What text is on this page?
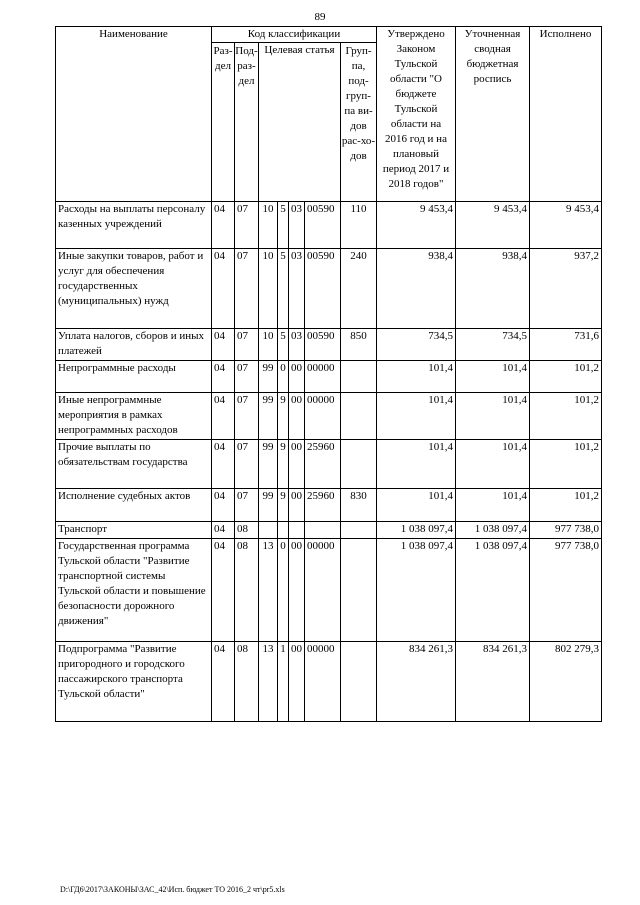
89
Наименование	Код классификации							Утверждено Законом Тульской области "О бюджете Тульской области на 2016 год и на плановый период 2017 и 2018 годов"	Уточненная сводная бюджетная роспись	Исполнено
	Раз-дел	Под-раз-дел	Целевая статья				Груп-па, под-груп-па ви-дов рас-хо-дов			
Расходы на выплаты персоналу казенных учреждений	04	07	10	5	03	00590	110	9 453,4	9 453,4	9 453,4
Иные закупки товаров, работ и услуг для обеспечения государственных (муниципальных) нужд	04	07	10	5	03	00590	240	938,4	938,4	937,2
Уплата налогов, сборов и иных платежей	04	07	10	5	03	00590	850	734,5	734,5	731,6
Непрограммные расходы	04	07	99	0	00	00000		101,4	101,4	101,2
Иные непрограммные мероприятия в рамках непрограммных расходов	04	07	99	9	00	00000		101,4	101,4	101,2
Прочие выплаты по обязательствам государства	04	07	99	9	00	25960		101,4	101,4	101,2
Исполнение судебных актов	04	07	99	9	00	25960	830	101,4	101,4	101,2
Транспорт	04	08						1 038 097,4	1 038 097,4	977 738,0
Государственная программа Тульской области "Развитие транспортной системы Тульской области и повышение безопасности дорожного движения"	04	08	13	0	00	00000		1 038 097,4	1 038 097,4	977 738,0
Подпрограмма "Развитие пригородного и городского пассажирского транспорта Тульской области"	04	08	13	1	00	00000		834 261,3	834 261,3	802 279,3
D:\ГД6\2017\ЗАКОНЫ\ЗАС_42\Исп. бюджет ТО 2016_2 чт\pr5.xls
